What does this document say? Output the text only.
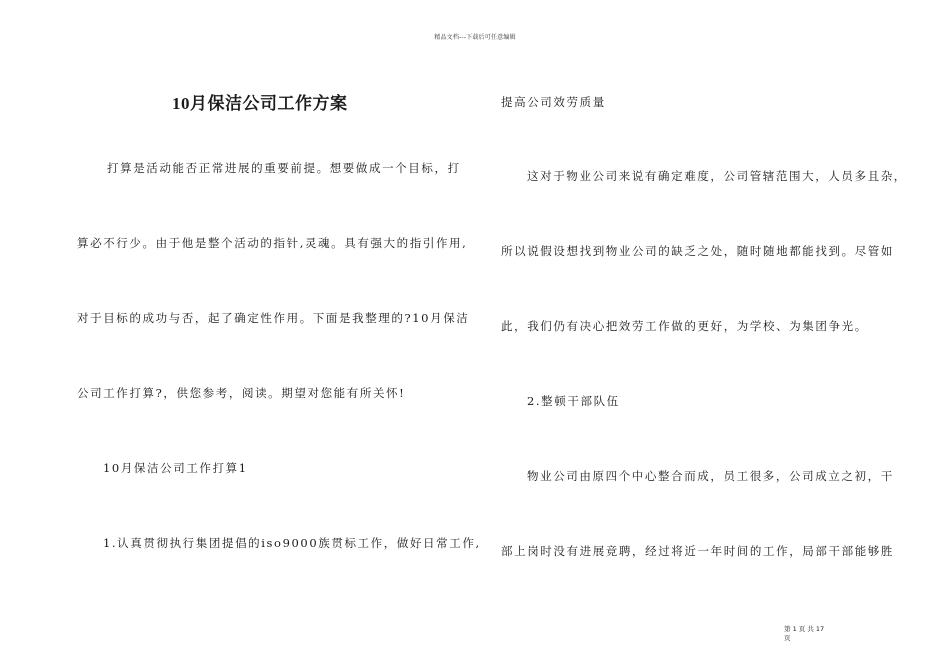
精品文档---下载后可任意编辑
10月保洁公司工作方案
打算是活动能否正常进展的重要前提。想要做成一个目标，打
算必不行少。由于他是整个活动的指针,灵魂。具有强大的指引作用,
对于目标的成功与否，起了确定性作用。下面是我整理的?10月保洁
公司工作打算?，供您参考，阅读。期望对您能有所关怀!
10月保洁公司工作打算1
1.认真贯彻执行集团提倡的iso9000族贯标工作，做好日常工作,
提高公司效劳质量
这对于物业公司来说有确定难度，公司管辖范围大，人员多且杂，
所以说假设想找到物业公司的缺乏之处，随时随地都能找到。尽管如
此，我们仍有决心把效劳工作做的更好，为学校、为集团争光。
2.整顿干部队伍
物业公司由原四个中心整合而成，员工很多，公司成立之初，干
部上岗时没有进展竞聘，经过将近一年时间的工作，局部干部能够胜
第 1 页 共 17
页
